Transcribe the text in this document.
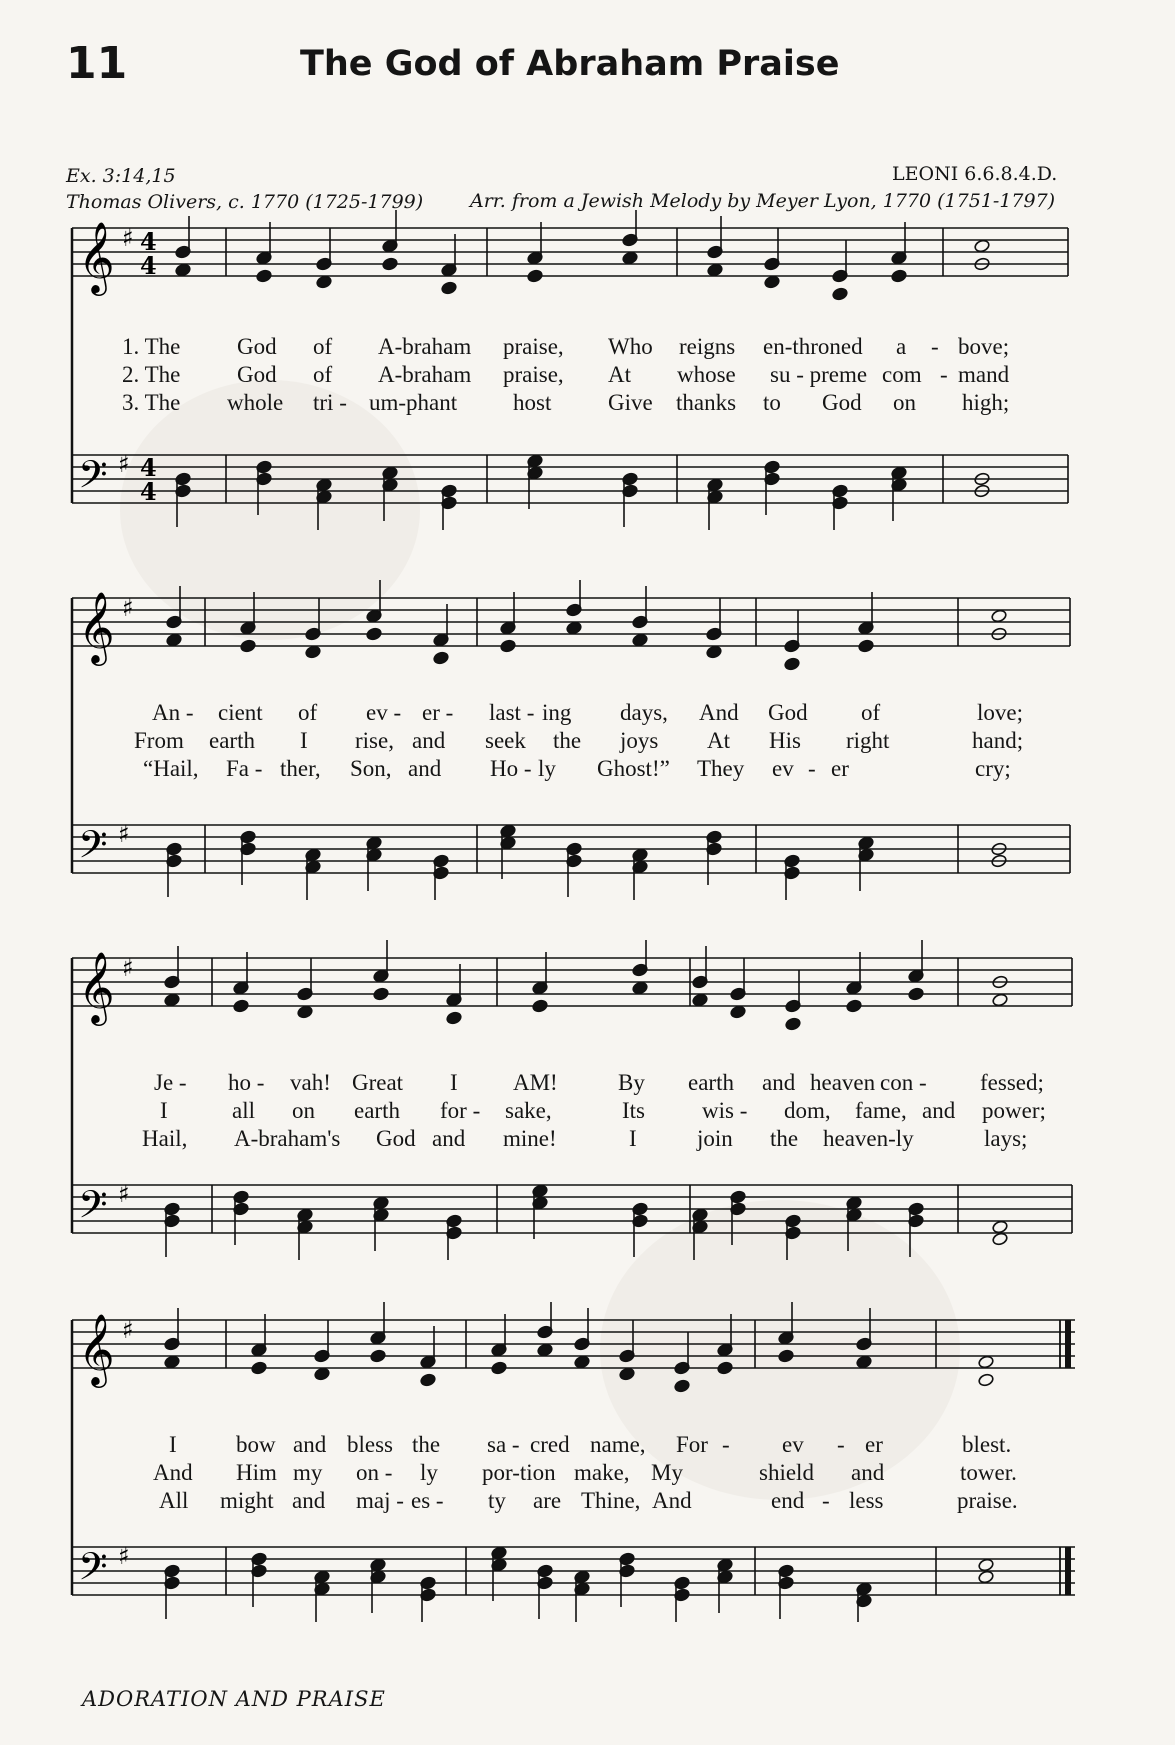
11	The God of Abraham Praise
Ex. 3:14,15
Thomas Olivers, c. 1770 (1725-1799)
LEONI 6.6.8.4.D.
Arr. from a Jewish Melody by Meyer Lyon, 1770 (1751-1797)
𝄞 ♯ 4
4
𝄢 ♯ 4
4
1. The God of A-braham praise, Who reigns en-throned a - bove;
2. The God of A-braham praise, At whose su - preme com - mand
3. The whole tri - um-phant host Give thanks to God on high;
𝄞 ♯
𝄢 ♯
An - cient of ev - er - last - ing days, And God of	love;
From earth I rise, and seek the joys At His right	hand;
“Hail, Fa - ther, Son, and Ho - ly Ghost!” They ev - er	cry;
𝄞 ♯
𝄢 ♯
Je - ho - vah! Great I AM!	By earth and heaven con - fessed;
I	all on earth for - sake,	Its wis - dom, fame, and power;
Hail, A-braham's God and mine!	I	join the heaven-ly	lays;
𝄞 ♯
𝄢 ♯
I	bow and bless the sa - cred name, For - ev - er	blest.
And Him my on - ly por-tion make, My	shield and	tower.
All might and maj - es - ty are Thine, And	end - less	praise.
ADORATION AND PRAISE
